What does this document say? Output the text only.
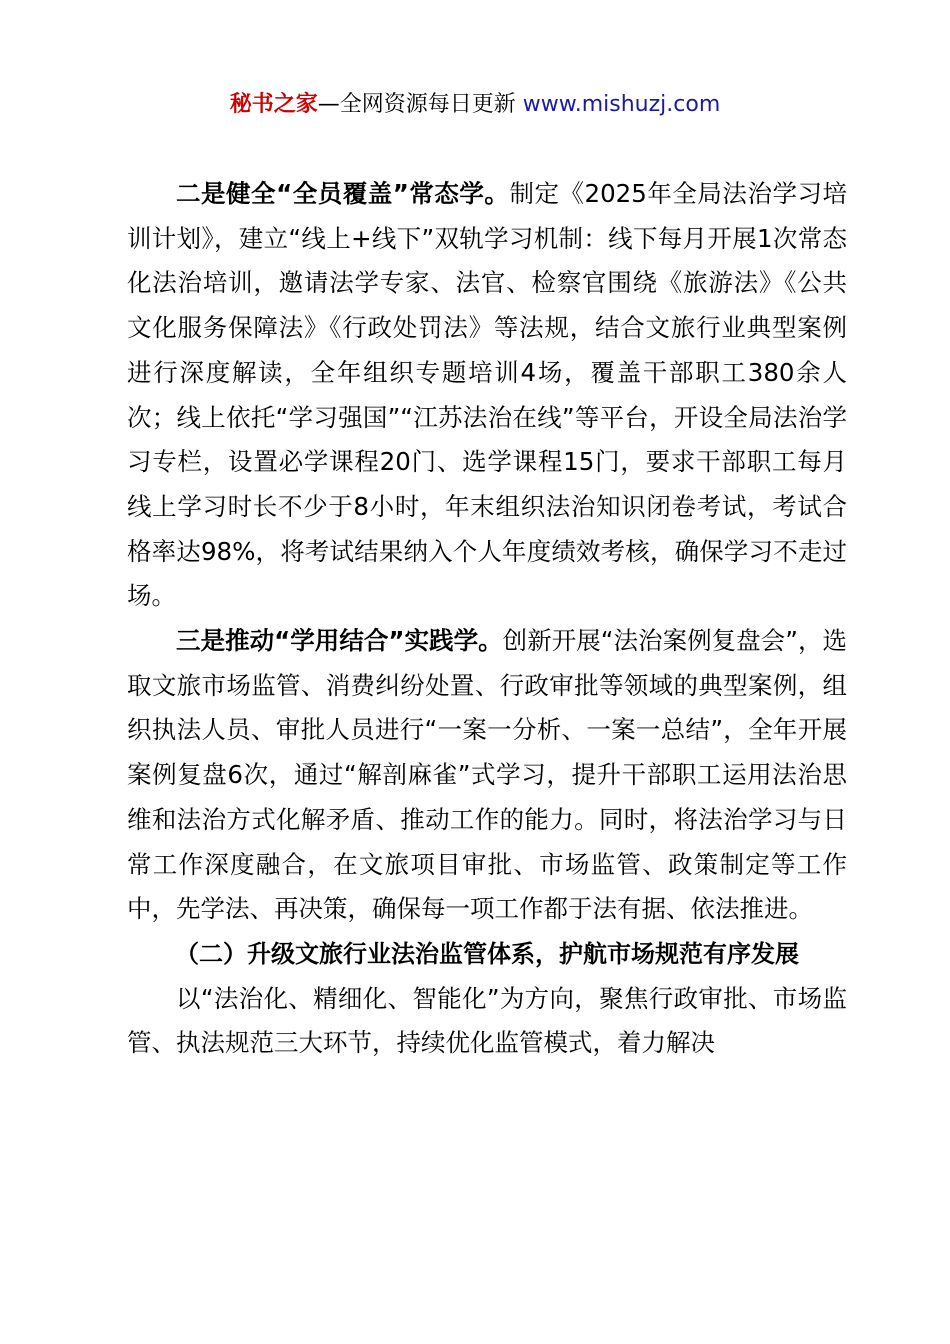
秘书之家—全网资源每日更新 www.mishuzj.com

二是健全“全员覆盖”常态学。制定《2025年全局法治学习培训计划》，建立“线上+线下”双轨学习机制：线下每月开展1次常态化法治培训，邀请法学专家、法官、检察官围绕《旅游法》《公共文化服务保障法》《行政处罚法》等法规，结合文旅行业典型案例进行深度解读，全年组织专题培训4场，覆盖干部职工380余人次；线上依托“学习强国”“江苏法治在线”等平台，开设全局法治学习专栏，设置必学课程20门、选学课程15门，要求干部职工每月线上学习时长不少于8小时，年末组织法治知识闭卷考试，考试合格率达98%，将考试结果纳入个人年度绩效考核，确保学习不走过场。

三是推动“学用结合”实践学。创新开展“法治案例复盘会”，选取文旅市场监管、消费纠纷处置、行政审批等领域的典型案例，组织执法人员、审批人员进行“一案一分析、一案一总结”，全年开展案例复盘6次，通过“解剖麻雀”式学习，提升干部职工运用法治思维和法治方式化解矛盾、推动工作的能力。同时，将法治学习与日常工作深度融合，在文旅项目审批、市场监管、政策制定等工作中，先学法、再决策，确保每一项工作都于法有据、依法推进。

（二）升级文旅行业法治监管体系，护航市场规范有序发展

以“法治化、精细化、智能化”为方向，聚焦行政审批、市场监管、执法规范三大环节，持续优化监管模式，着力解决
